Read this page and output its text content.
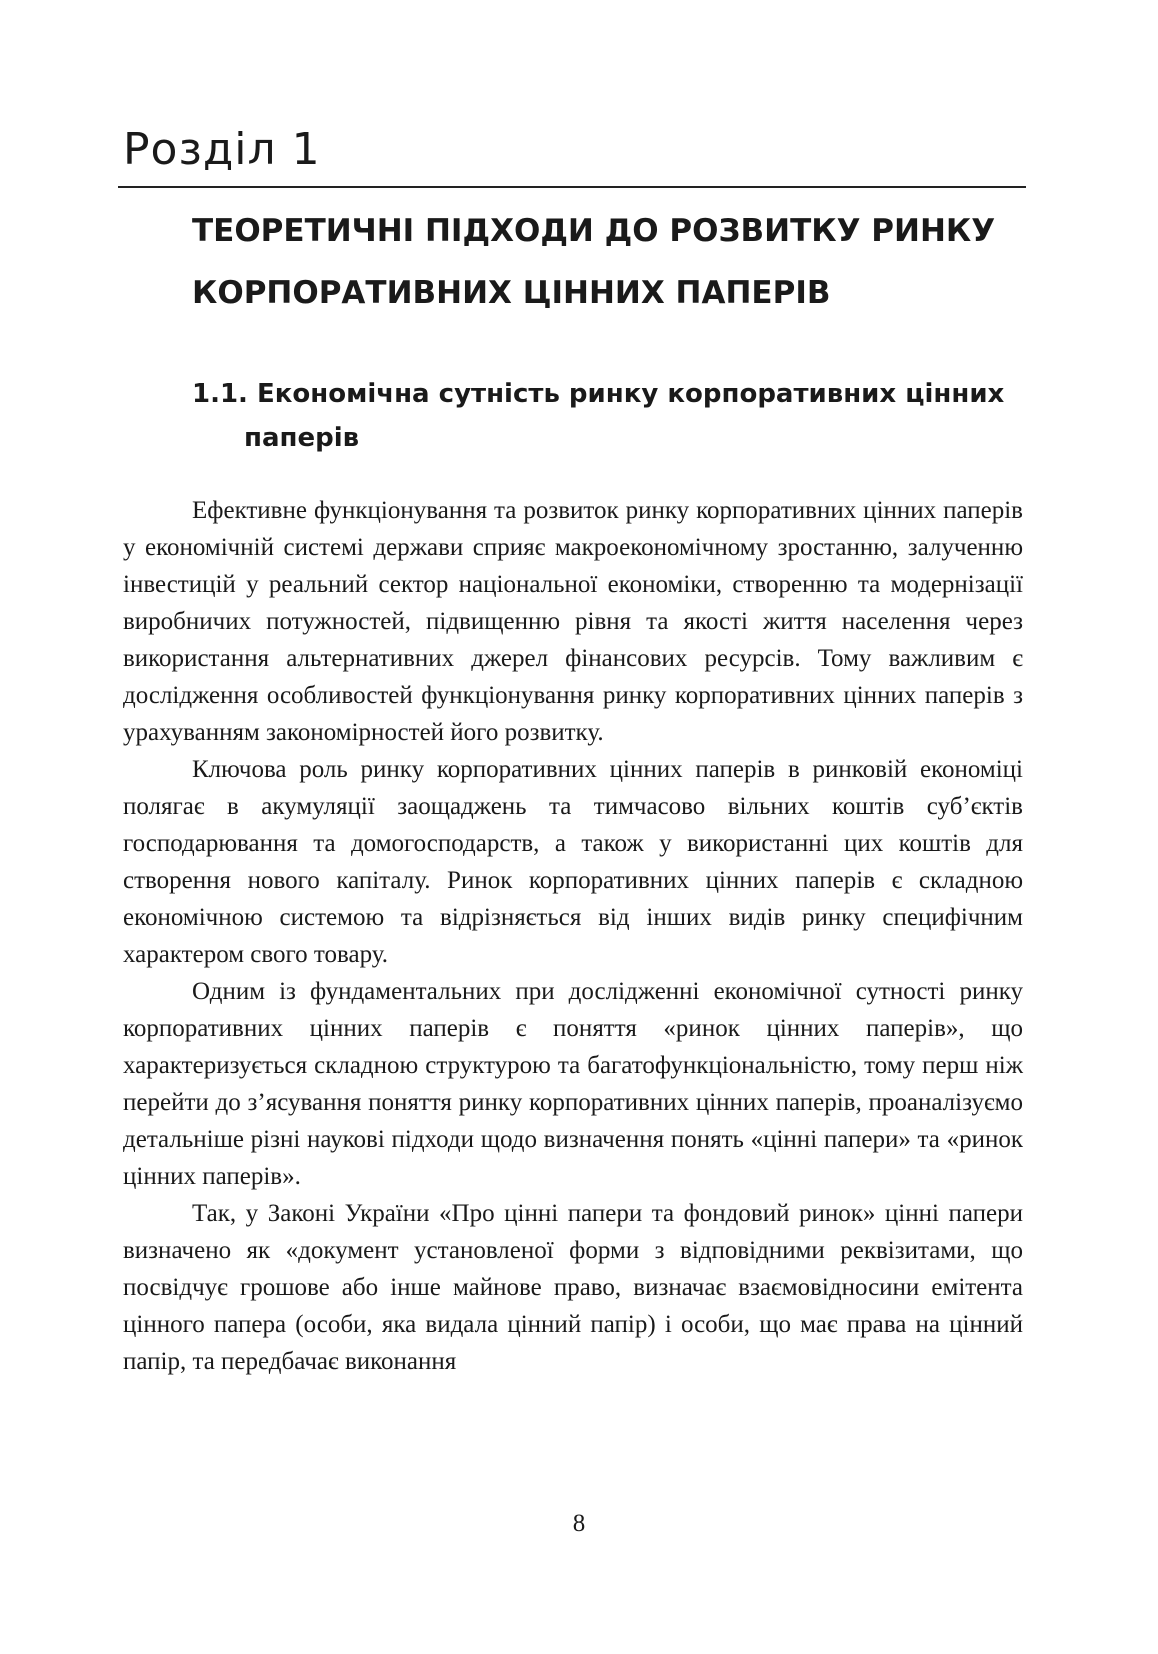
Розділ 1
ТЕОРЕТИЧНІ ПІДХОДИ ДО РОЗВИТКУ РИНКУ КОРПОРАТИВНИХ ЦІННИХ ПАПЕРІВ
1.1. Економічна сутність ринку корпоративних цінних паперів

Ефективне функціонування та розвиток ринку корпоративних цінних паперів у економічній системі держави сприяє макроекономічному зростанню, залученню інвестицій у реальний сектор національної економіки, створенню та модернізації виробничих потужностей, підвищенню рівня та якості життя населення через використання альтернативних джерел фінансових ресурсів. Тому важливим є дослідження особливостей функціонування ринку корпоративних цінних паперів з урахуванням закономірностей його розвитку.

Ключова роль ринку корпоративних цінних паперів в ринковій економіці полягає в акумуляції заощаджень та тимчасово вільних коштів суб’єктів господарювання та домогосподарств, а також у використанні цих коштів для створення нового капіталу. Ринок корпоративних цінних паперів є складною економічною системою та відрізняється від інших видів ринку специфічним характером свого товару.

Одним із фундаментальних при дослідженні економічної сутності ринку корпоративних цінних паперів є поняття «ринок цінних паперів», що характеризується складною структурою та багатофункціональністю, тому перш ніж перейти до з’ясування поняття ринку корпоративних цінних паперів, проаналізуємо детальніше різні наукові підходи щодо визначення понять «цінні папери» та «ринок цінних паперів».

Так, у Законі України «Про цінні папери та фондовий ринок» цінні папери визначено як «документ установленої форми з відповідними реквізитами, що посвідчує грошове або інше майнове право, визначає взаємовідносини емітента цінного папера (особи, яка видала цінний папір) і особи, що має права на цінний папір, та передбачає виконання

8
